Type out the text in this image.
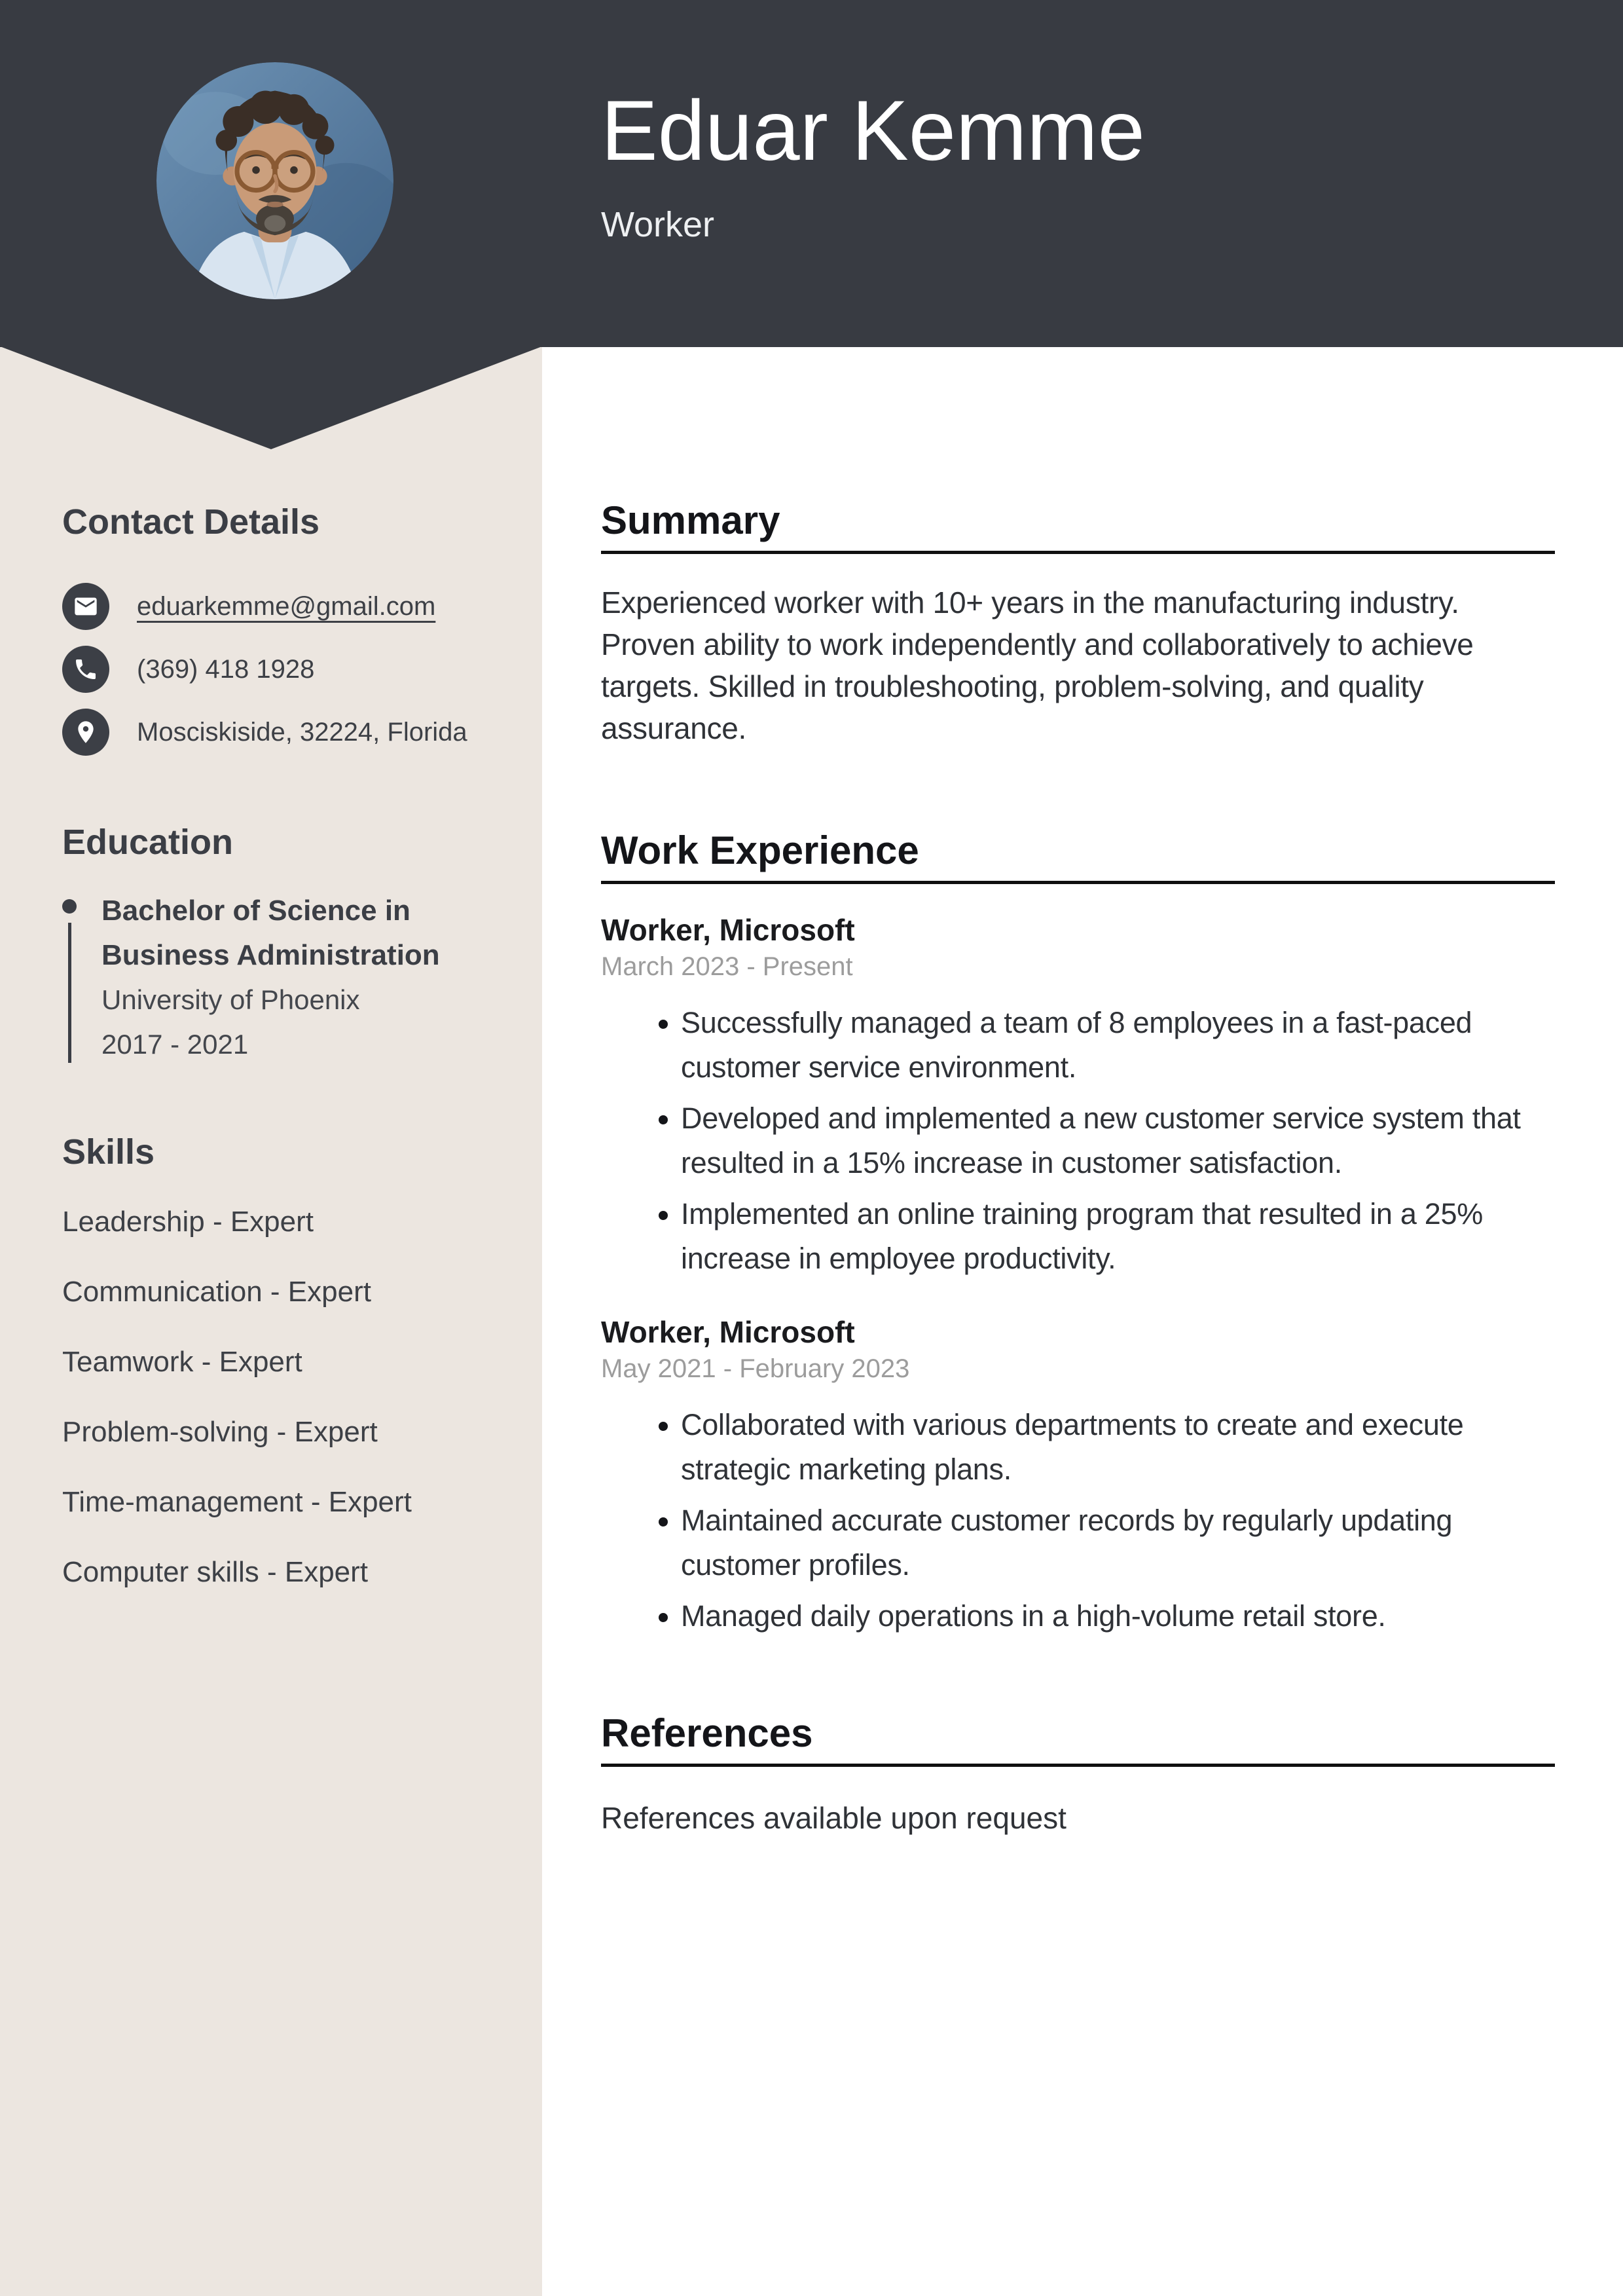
Eduar Kemme
Worker
Contact Details
eduarkemme@gmail.com
(369) 418 1928
Mosciskiside, 32224, Florida
Education
Bachelor of Science in Business Administration
University of Phoenix
2017 - 2021
Skills
Leadership - Expert
Communication - Expert
Teamwork - Expert
Problem-solving - Expert
Time-management - Expert
Computer skills - Expert
Summary

Experienced worker with 10+ years in the manufacturing industry. Proven ability to work independently and collaboratively to achieve targets. Skilled in troubleshooting, problem-solving, and quality assurance.

Work Experience
Worker, Microsoft
March 2023 - Present
• Successfully managed a team of 8 employees in a fast-paced customer service environment.
• Developed and implemented a new customer service system that resulted in a 15% increase in customer satisfaction.
• Implemented an online training program that resulted in a 25% increase in employee productivity.
Worker, Microsoft
May 2021 - February 2023
• Collaborated with various departments to create and execute strategic marketing plans.
• Maintained accurate customer records by regularly updating customer profiles.
• Managed daily operations in a high-volume retail store.
References

References available upon request
